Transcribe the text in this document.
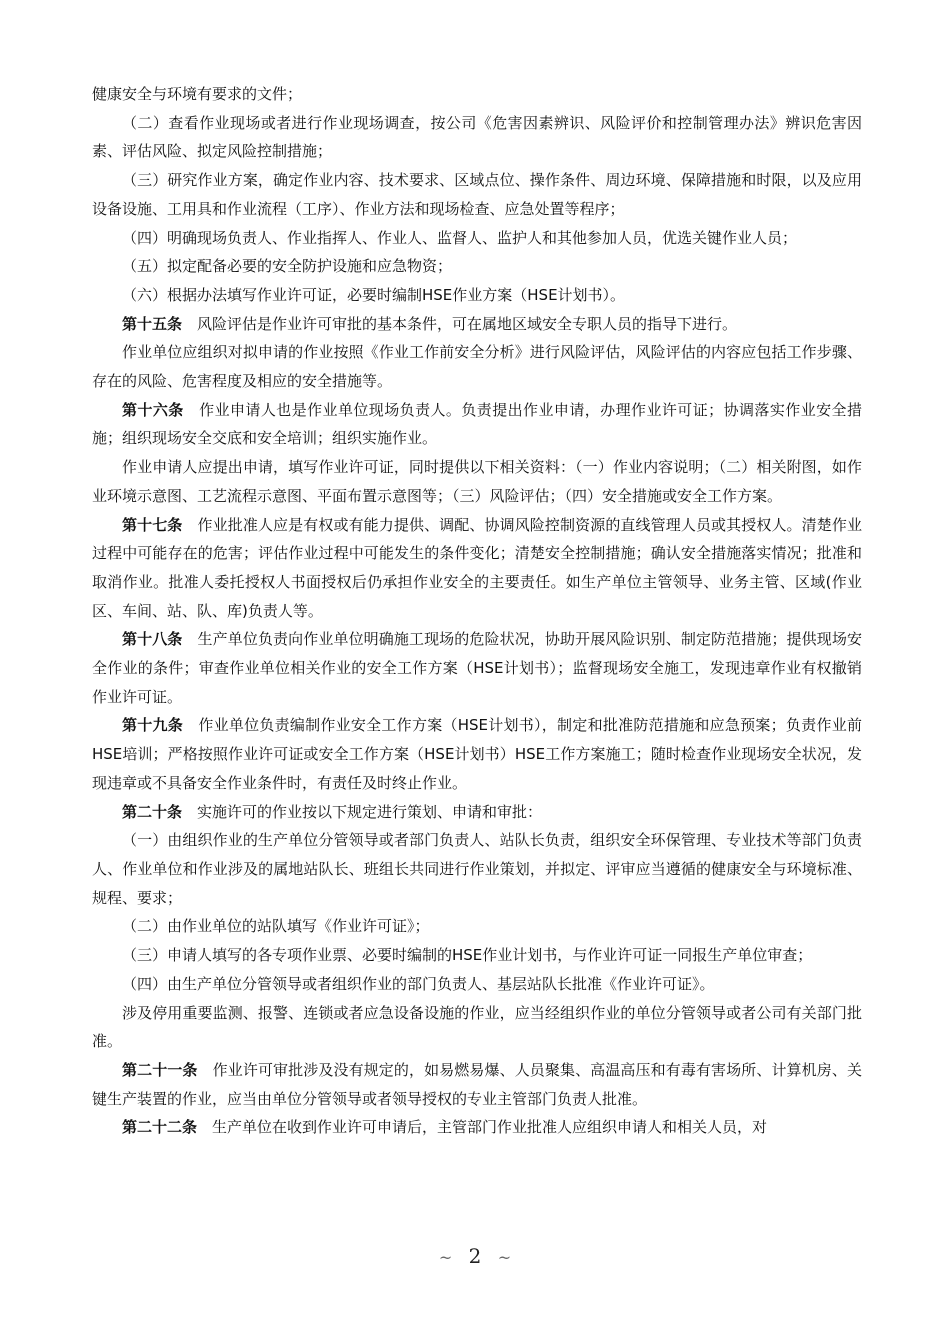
健康安全与环境有要求的文件；

（二）查看作业现场或者进行作业现场调查，按公司《危害因素辨识、风险评价和控制管理办法》辨识危害因素、评估风险、拟定风险控制措施；

（三）研究作业方案，确定作业内容、技术要求、区域点位、操作条件、周边环境、保障措施和时限，以及应用设备设施、工用具和作业流程（工序）、作业方法和现场检查、应急处置等程序；

（四）明确现场负责人、作业指挥人、作业人、监督人、监护人和其他参加人员，优选关键作业人员；

（五）拟定配备必要的安全防护设施和应急物资；

（六）根据办法填写作业许可证，必要时编制HSE作业方案（HSE计划书）。

第十五条　 风险评估是作业许可审批的基本条件，可在属地区域安全专职人员的指导下进行。

作业单位应组织对拟申请的作业按照《作业工作前安全分析》进行风险评估，风险评估的内容应包括工作步骤、存在的风险、危害程度及相应的安全措施等。

第十六条　 作业申请人也是作业单位现场负责人。负责提出作业申请，办理作业许可证；协调落实作业安全措施；组织现场安全交底和安全培训；组织实施作业。

作业申请人应提出申请，填写作业许可证，同时提供以下相关资料：（一）作业内容说明；（二）相关附图，如作业环境示意图、工艺流程示意图、平面布置示意图等；（三）风险评估；（四）安全措施或安全工作方案。

第十七条　 作业批准人应是有权或有能力提供、调配、协调风险控制资源的直线管理人员或其授权人。清楚作业过程中可能存在的危害；评估作业过程中可能发生的条件变化；清楚安全控制措施；确认安全措施落实情况；批准和取消作业。批准人委托授权人书面授权后仍承担作业安全的主要责任。如生产单位主管领导、业务主管、区域(作业区、车间、站、队、库)负责人等。

第十八条　 生产单位负责向作业单位明确施工现场的危险状况，协助开展风险识别、制定防范措施；提供现场安全作业的条件；审查作业单位相关作业的安全工作方案（HSE计划书）；监督现场安全施工，发现违章作业有权撤销作业许可证。

第十九条　 作业单位负责编制作业安全工作方案（HSE计划书），制定和批准防范措施和应急预案；负责作业前HSE培训；严格按照作业许可证或安全工作方案（HSE计划书）HSE工作方案施工；随时检查作业现场安全状况，发现违章或不具备安全作业条件时，有责任及时终止作业。

第二十条　 实施许可的作业按以下规定进行策划、申请和审批：

（一）由组织作业的生产单位分管领导或者部门负责人、站队长负责，组织安全环保管理、专业技术等部门负责人、作业单位和作业涉及的属地站队长、班组长共同进行作业策划，并拟定、评审应当遵循的健康安全与环境标准、规程、要求；

（二）由作业单位的站队填写《作业许可证》；

（三）申请人填写的各专项作业票、必要时编制的HSE作业计划书，与作业许可证一同报生产单位审查；

（四）由生产单位分管领导或者组织作业的部门负责人、基层站队长批准《作业许可证》。

涉及停用重要监测、报警、连锁或者应急设备设施的作业，应当经组织作业的单位分管领导或者公司有关部门批准。

第二十一条　 作业许可审批涉及没有规定的，如易燃易爆、人员聚集、高温高压和有毒有害场所、计算机房、关键生产装置的作业，应当由单位分管领导或者领导授权的专业主管部门负责人批准。

第二十二条　 生产单位在收到作业许可申请后，主管部门作业批准人应组织申请人和相关人员，对

~ 2 ~
